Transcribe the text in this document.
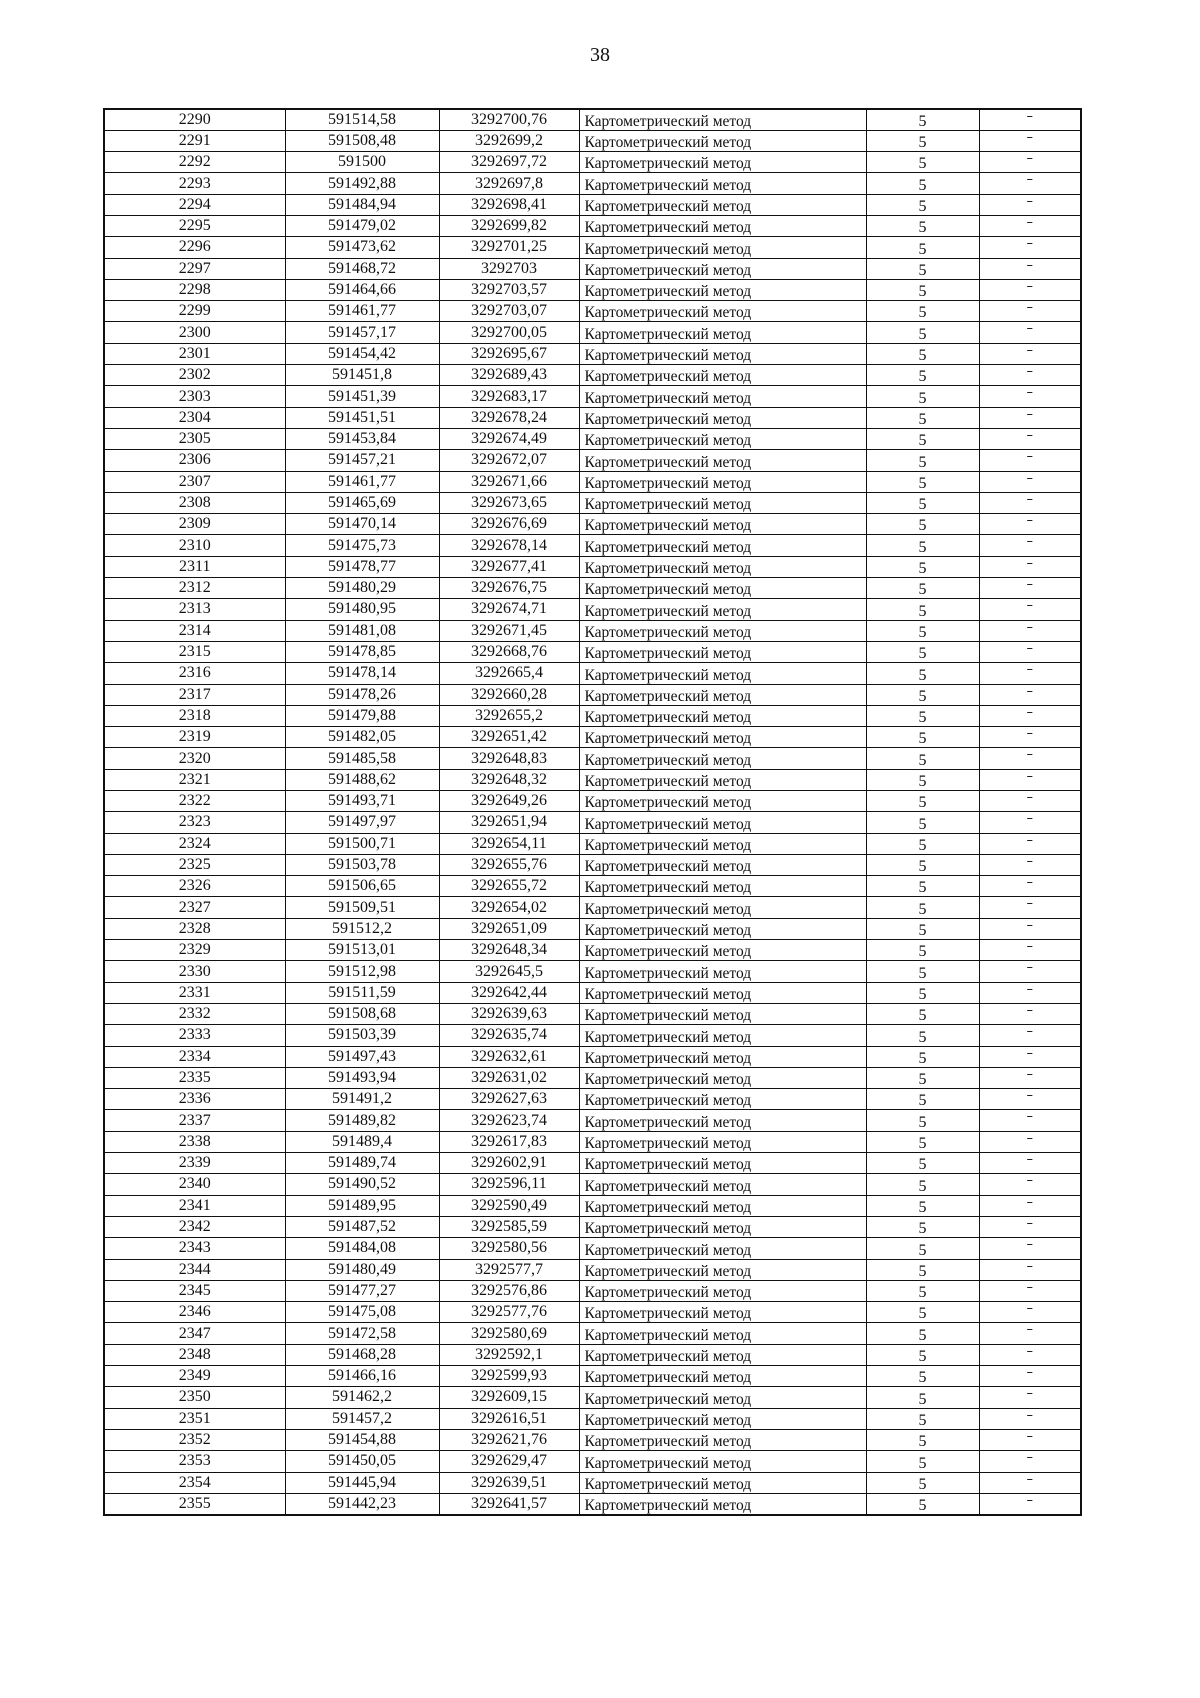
38
2290	591514,58	3292700,76	Картометрический метод	5	–
2291	591508,48	3292699,2	Картометрический метод	5	–
2292	591500	3292697,72	Картометрический метод	5	–
2293	591492,88	3292697,8	Картометрический метод	5	–
2294	591484,94	3292698,41	Картометрический метод	5	–
2295	591479,02	3292699,82	Картометрический метод	5	–
2296	591473,62	3292701,25	Картометрический метод	5	–
2297	591468,72	3292703	Картометрический метод	5	–
2298	591464,66	3292703,57	Картометрический метод	5	–
2299	591461,77	3292703,07	Картометрический метод	5	–
2300	591457,17	3292700,05	Картометрический метод	5	–
2301	591454,42	3292695,67	Картометрический метод	5	–
2302	591451,8	3292689,43	Картометрический метод	5	–
2303	591451,39	3292683,17	Картометрический метод	5	–
2304	591451,51	3292678,24	Картометрический метод	5	–
2305	591453,84	3292674,49	Картометрический метод	5	–
2306	591457,21	3292672,07	Картометрический метод	5	–
2307	591461,77	3292671,66	Картометрический метод	5	–
2308	591465,69	3292673,65	Картометрический метод	5	–
2309	591470,14	3292676,69	Картометрический метод	5	–
2310	591475,73	3292678,14	Картометрический метод	5	–
2311	591478,77	3292677,41	Картометрический метод	5	–
2312	591480,29	3292676,75	Картометрический метод	5	–
2313	591480,95	3292674,71	Картометрический метод	5	–
2314	591481,08	3292671,45	Картометрический метод	5	–
2315	591478,85	3292668,76	Картометрический метод	5	–
2316	591478,14	3292665,4	Картометрический метод	5	–
2317	591478,26	3292660,28	Картометрический метод	5	–
2318	591479,88	3292655,2	Картометрический метод	5	–
2319	591482,05	3292651,42	Картометрический метод	5	–
2320	591485,58	3292648,83	Картометрический метод	5	–
2321	591488,62	3292648,32	Картометрический метод	5	–
2322	591493,71	3292649,26	Картометрический метод	5	–
2323	591497,97	3292651,94	Картометрический метод	5	–
2324	591500,71	3292654,11	Картометрический метод	5	–
2325	591503,78	3292655,76	Картометрический метод	5	–
2326	591506,65	3292655,72	Картометрический метод	5	–
2327	591509,51	3292654,02	Картометрический метод	5	–
2328	591512,2	3292651,09	Картометрический метод	5	–
2329	591513,01	3292648,34	Картометрический метод	5	–
2330	591512,98	3292645,5	Картометрический метод	5	–
2331	591511,59	3292642,44	Картометрический метод	5	–
2332	591508,68	3292639,63	Картометрический метод	5	–
2333	591503,39	3292635,74	Картометрический метод	5	–
2334	591497,43	3292632,61	Картометрический метод	5	–
2335	591493,94	3292631,02	Картометрический метод	5	–
2336	591491,2	3292627,63	Картометрический метод	5	–
2337	591489,82	3292623,74	Картометрический метод	5	–
2338	591489,4	3292617,83	Картометрический метод	5	–
2339	591489,74	3292602,91	Картометрический метод	5	–
2340	591490,52	3292596,11	Картометрический метод	5	–
2341	591489,95	3292590,49	Картометрический метод	5	–
2342	591487,52	3292585,59	Картометрический метод	5	–
2343	591484,08	3292580,56	Картометрический метод	5	–
2344	591480,49	3292577,7	Картометрический метод	5	–
2345	591477,27	3292576,86	Картометрический метод	5	–
2346	591475,08	3292577,76	Картометрический метод	5	–
2347	591472,58	3292580,69	Картометрический метод	5	–
2348	591468,28	3292592,1	Картометрический метод	5	–
2349	591466,16	3292599,93	Картометрический метод	5	–
2350	591462,2	3292609,15	Картометрический метод	5	–
2351	591457,2	3292616,51	Картометрический метод	5	–
2352	591454,88	3292621,76	Картометрический метод	5	–
2353	591450,05	3292629,47	Картометрический метод	5	–
2354	591445,94	3292639,51	Картометрический метод	5	–
2355	591442,23	3292641,57	Картометрический метод	5	–
